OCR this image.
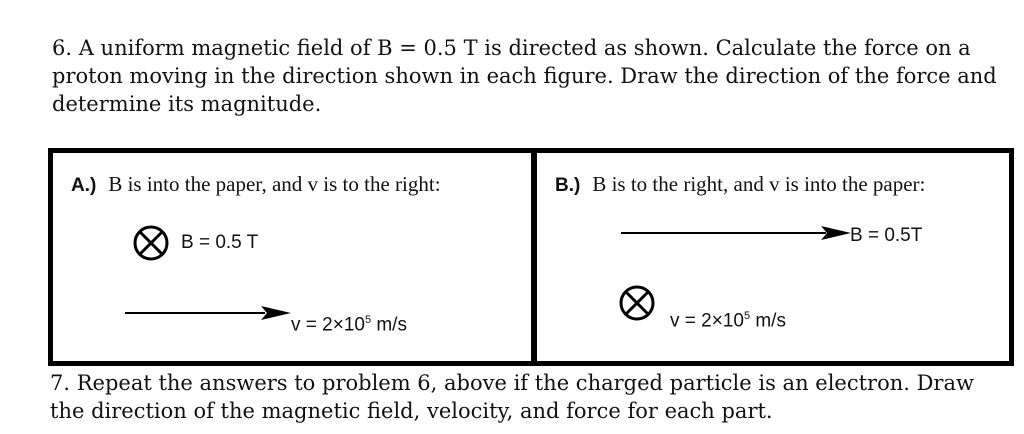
6. A uniform magnetic field of B = 0.5 T is directed as shown. Calculate the force on a proton moving in the direction shown in each figure. Draw the direction of the force and determine its magnitude.

A.) B is into the paper, and v is to the right:
B = 0.5 T
$v = 2\times 10^5$ m/s
B.) B is to the right, and v is into the paper:
B = 0.5T
$v = 2\times 10^5$ m/s

7. Repeat the answers to problem 6, above if the charged particle is an electron. Draw the direction of the magnetic field, velocity, and force for each part.
